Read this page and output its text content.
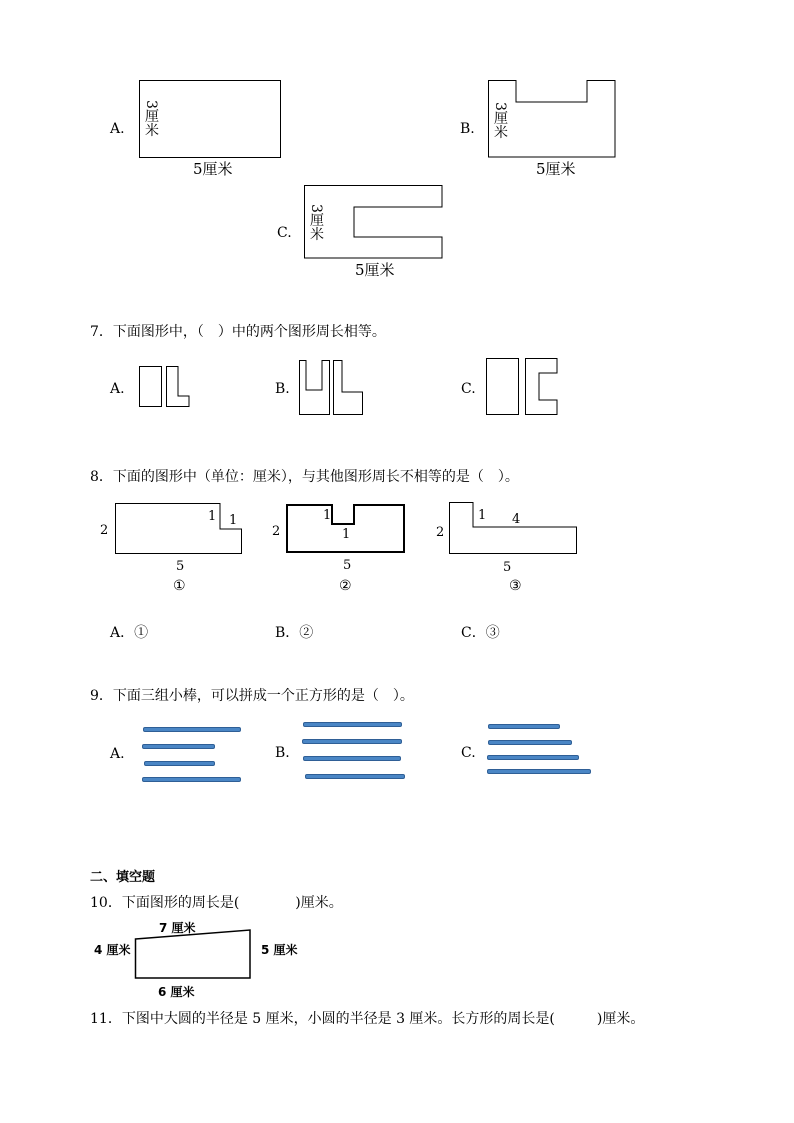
A. 3厘米
5厘米
B. 3厘米
5厘米
C. 3厘米
5厘米
7．下面图形中，（　）中的两个图形周长相等。
A.	B.	C.
8．下面的图形中（单位：厘米），与其他图形周长不相等的是（　）。
2
1 1
5
①
2
1
1
5
②
2
1 4
5
③
A．①	B．②	C．③
9．下面三组小棒，可以拼成一个正方形的是（　）。
A.	B.	C.
二、填空题
10．下面图形的周长是(　　　　)厘米。
7 厘米
4 厘米	5 厘米
6 厘米
11．下图中大圆的半径是 5 厘米，小圆的半径是 3 厘米。长方形的周长是(　　　)厘米。
